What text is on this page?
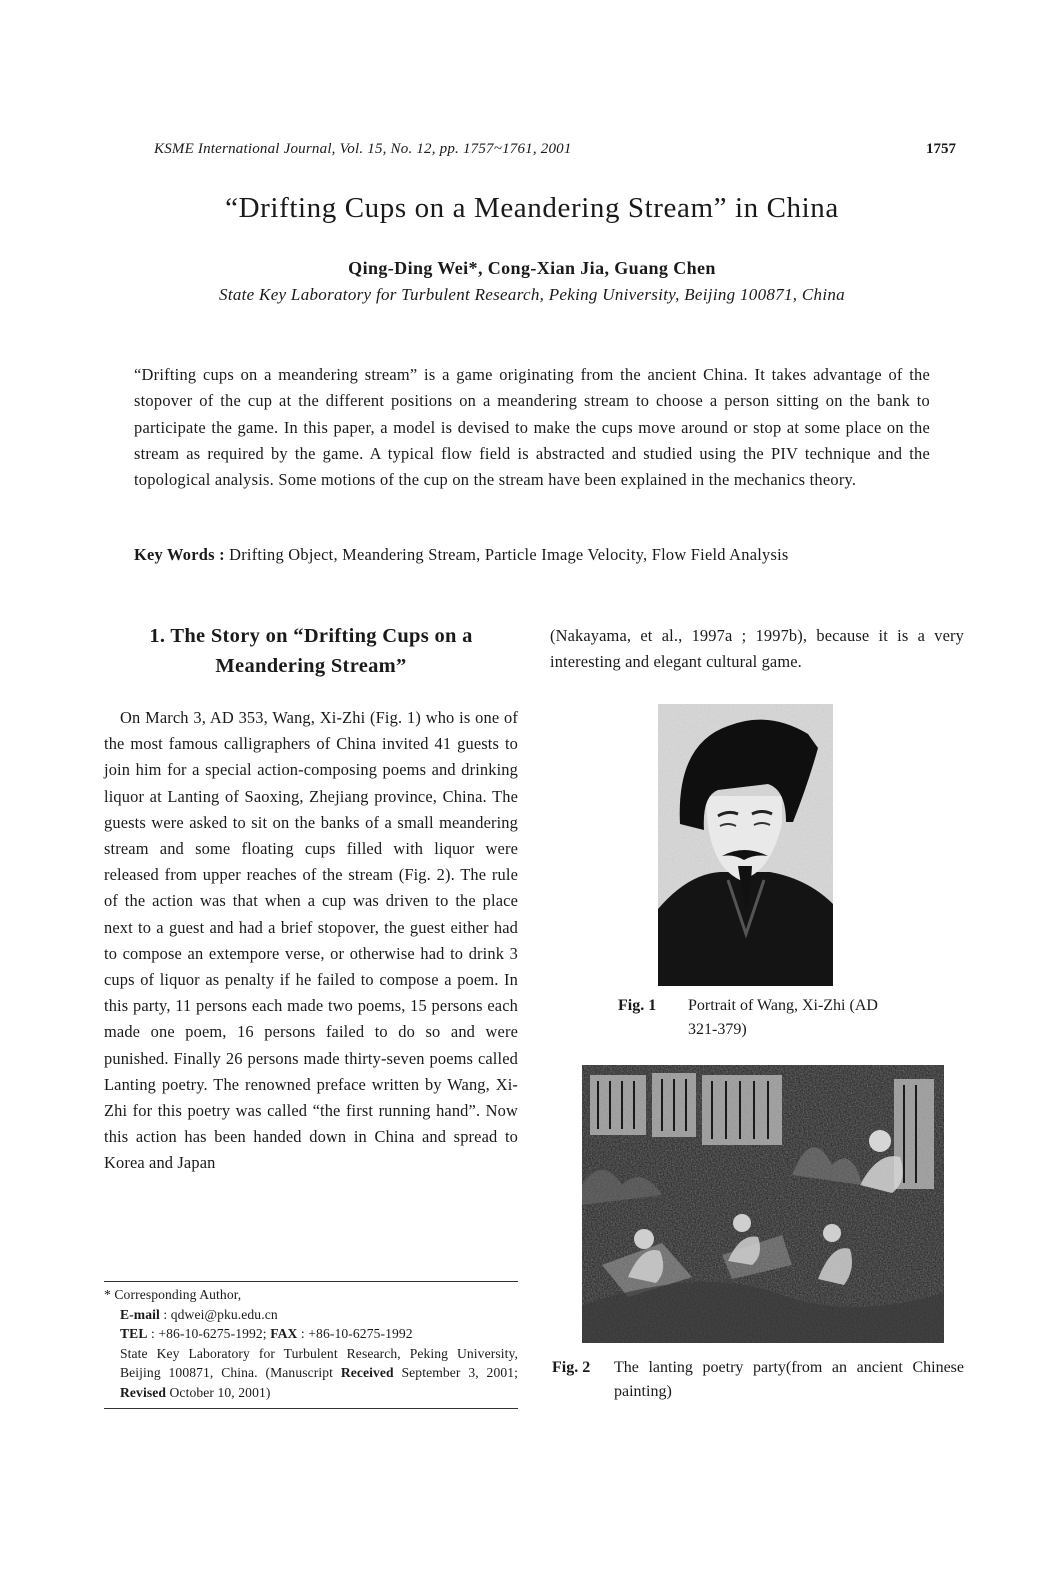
KSME International Journal, Vol. 15, No. 12, pp. 1757~1761, 2001	1757
“Drifting Cups on a Meandering Stream” in China
Qing-Ding Wei*, Cong-Xian Jia, Guang Chen
State Key Laboratory for Turbulent Research, Peking University, Beijing 100871, China
“Drifting cups on a meandering stream” is a game originating from the ancient China. It takes advantage of the stopover of the cup at the different positions on a meandering stream to choose a person sitting on the bank to participate the game. In this paper, a model is devised to make the cups move around or stop at some place on the stream as required by the game. A typical flow field is abstracted and studied using the PIV technique and the topological analysis. Some motions of the cup on the stream have been explained in the mechanics theory.
Key Words : Drifting Object, Meandering Stream, Particle Image Velocity, Flow Field Analysis
1. The Story on “Drifting Cups on a Meandering Stream”

On March 3, AD 353, Wang, Xi-Zhi (Fig. 1) who is one of the most famous calligraphers of China invited 41 guests to join him for a special action-composing poems and drinking liquor at Lanting of Saoxing, Zhejiang province, China. The guests were asked to sit on the banks of a small meandering stream and some floating cups filled with liquor were released from upper reaches of the stream (Fig. 2). The rule of the action was that when a cup was driven to the place next to a guest and had a brief stopover, the guest either had to compose an extempore verse, or otherwise had to drink 3 cups of liquor as penalty if he failed to compose a poem. In this party, 11 persons each made two poems, 15 persons each made one poem, 16 persons failed to do so and were punished. Finally 26 persons made thirty-seven poems called Lanting poetry. The renowned preface written by Wang, Xi-Zhi for this poetry was called “the first running hand”. Now this action has been handed down in China and spread to Korea and Japan

* Corresponding Author,
E-mail : qdwei@pku.edu.cn
TEL : +86-10-6275-1992; FAX : +86-10-6275-1992
State Key Laboratory for Turbulent Research, Peking University, Beijing 100871, China. (Manuscript Received September 3, 2001; Revised October 10, 2001)
(Nakayama, et al., 1997a ; 1997b), because it is a very interesting and elegant cultural game.
Fig. 1 Portrait of Wang, Xi-Zhi (AD 321-379)
Fig. 2 The lanting poetry party(from an ancient Chinese painting)
